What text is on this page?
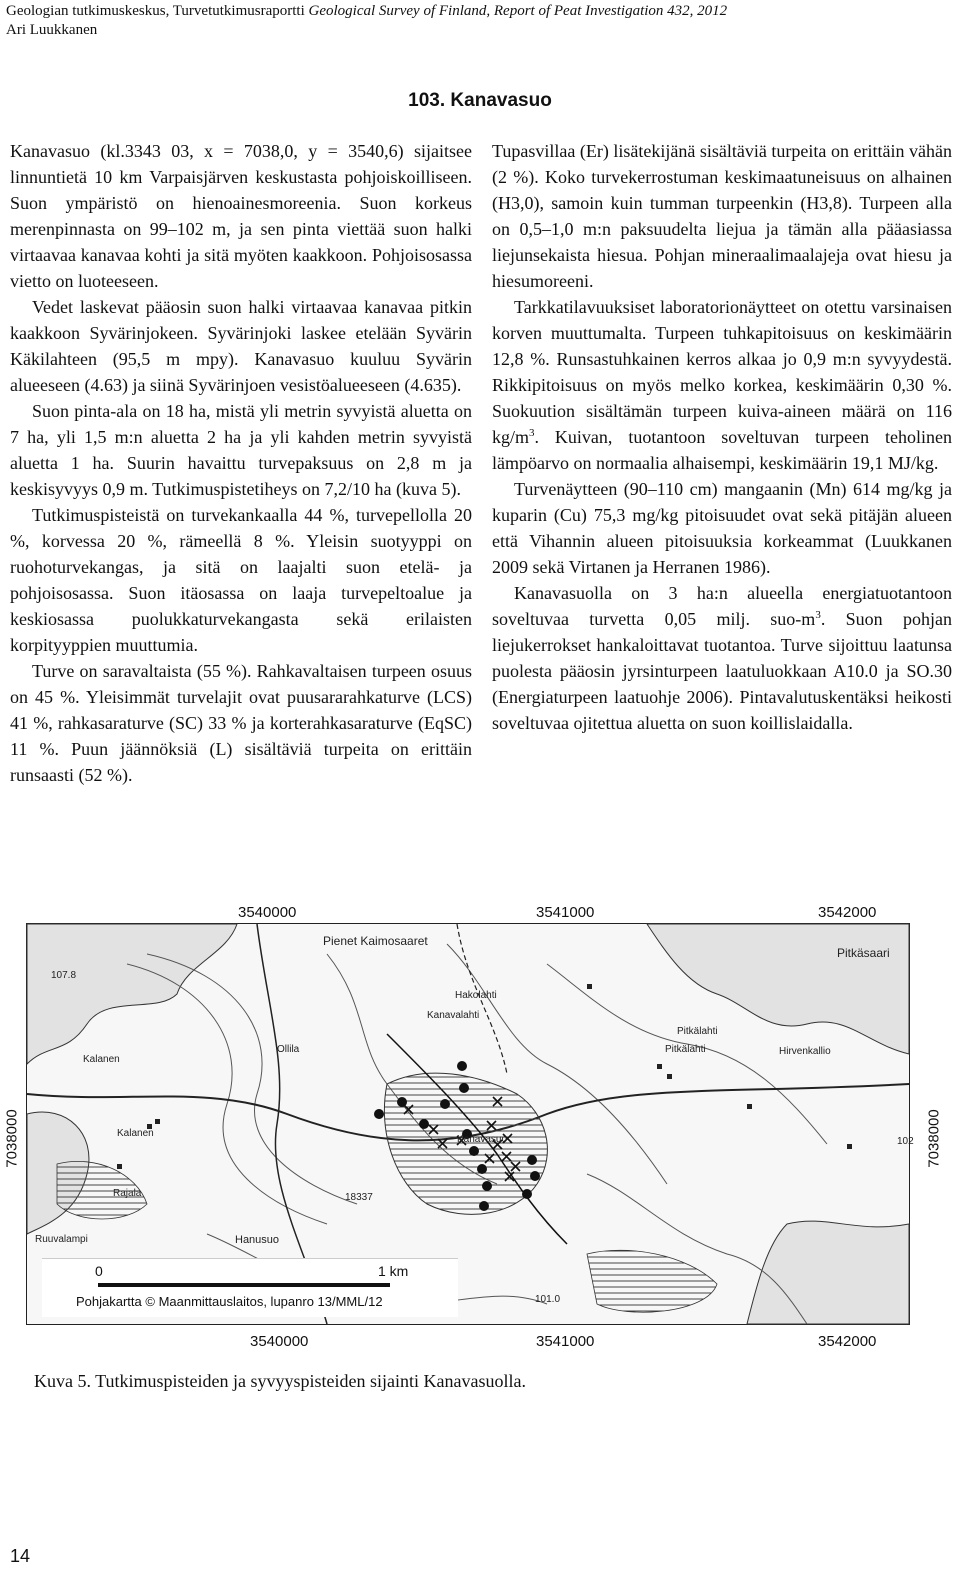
Geologian tutkimuskeskus, Turvetutkimusraportti Geological Survey of Finland, Report of Peat Investigation 432, 2012
Ari Luukkanen
103. Kanavasuo

Kanavasuo (kl.3343 03, x = 7038,0, y = 3540,6) sijaitsee linnuntietä 10 km Varpaisjärven keskustasta pohjoiskoilliseen. Suon ympäristö on hienoainesmoreenia. Suon korkeus merenpinnasta on 99–102 m, ja sen pinta viettää suon halki virtaavaa kanavaa kohti ja sitä myöten kaakkoon. Pohjoisosassa vietto on luoteeseen.

Vedet laskevat pääosin suon halki virtaavaa kanavaa pitkin kaakkoon Syvärinjokeen. Syvärinjoki laskee etelään Syvärin Käkilahteen (95,5 m mpy). Kanavasuo kuuluu Syvärin alueeseen (4.63) ja siinä Syvärinjoen vesistöalueeseen (4.635).

Suon pinta-ala on 18 ha, mistä yli metrin syvyistä aluetta on 7 ha, yli 1,5 m:n aluetta 2 ha ja yli kahden metrin syvyistä aluetta 1 ha. Suurin havaittu turvepaksuus on 2,8 m ja keskisyvyys 0,9 m. Tutkimuspistetiheys on 7,2/10 ha (kuva 5).

Tutkimuspisteistä on turvekankaalla 44 %, turvepellolla 20 %, korvessa 20 %, rämeellä 8 %. Yleisin suotyyppi on ruohoturvekangas, ja sitä on laajalti suon etelä- ja pohjoisosassa. Suon itäosassa on laaja turvepeltoalue ja keskiosassa puolukkaturvekangasta sekä erilaisten korpityyppien muuttumia.

Turve on saravaltaista (55 %). Rahkavaltaisen turpeen osuus on 45 %. Yleisimmät turvelajit ovat puusararahkaturve (LCS) 41 %, rahkasaraturve (SC) 33 % ja korterahkasaraturve (EqSC) 11 %. Puun jäännöksiä (L) sisältäviä turpeita on erittäin runsaasti (52 %).

Tupasvillaa (Er) lisätekijänä sisältäviä turpeita on erittäin vähän (2 %). Koko turvekerrostuman keskimaatuneisuus on alhainen (H3,0), samoin kuin tumman turpeenkin (H3,8). Turpeen alla on 0,5–1,0 m:n paksuudelta liejua ja tämän alla pääasiassa liejunsekaista hiesua. Pohjan mineraalimaalajeja ovat hiesu ja hiesumoreeni.

Tarkkatilavuuksiset laboratorionäytteet on otettu varsinaisen korven muuttumalta. Turpeen tuhkapitoisuus on keskimäärin 12,8 %. Runsastuhkainen kerros alkaa jo 0,9 m:n syvyydestä. Rikkipitoisuus on myös melko korkea, keskimäärin 0,30 %. Suokuution sisältämän turpeen kuiva-aineen määrä on 116 $kg/m^3$. Kuivan, tuotantoon soveltuvan turpeen teholinen lämpöarvo on normaalia alhaisempi, keskimäärin 19,1 MJ/kg.

Turvenäytteen (90–110 cm) mangaanin (Mn) 614 mg/kg ja kuparin (Cu) 75,3 mg/kg pitoisuudet ovat sekä pitäjän alueen että Vihannin alueen pitoisuuksia korkeammat (Luukkanen 2009 sekä Virtanen ja Herranen 1986).

Kanavasuolla on 3 ha:n alueella energiatuotantoon soveltuvaa turvetta 0,05 milj. suo-$m^3$. Suon pohjan liejukerrokset hankaloittavat tuotantoa. Turve sijoittuu laatunsa puolesta pääosin jyrsinturpeen laatuluokkaan A10.0 ja SO.30 (Energiaturpeen laatuohje 2006). Pintavalutuskentäksi heikosti soveltuvaa ojitettua aluetta on suon koillislaidalla.

3540000	3541000	3542000
3540000	3541000	3542000
7038000	7038000
Pienet Kaimosaaret
Pitkäsaari
Hakolahti
Kanavalahti
Pitkälahti
Pitkälahti	Hirvenkallio
Kalanen
Kalanen
Rajala
Hanusuo
Kanavasuo
Ollila
Ruuvalampi
107.8
18337
101.0
102
0	1 km
Pohjakartta © Maanmittauslaitos, lupanro 13/MML/12
Kuva 5. Tutkimuspisteiden ja syvyyspisteiden sijainti Kanavasuolla.
14
